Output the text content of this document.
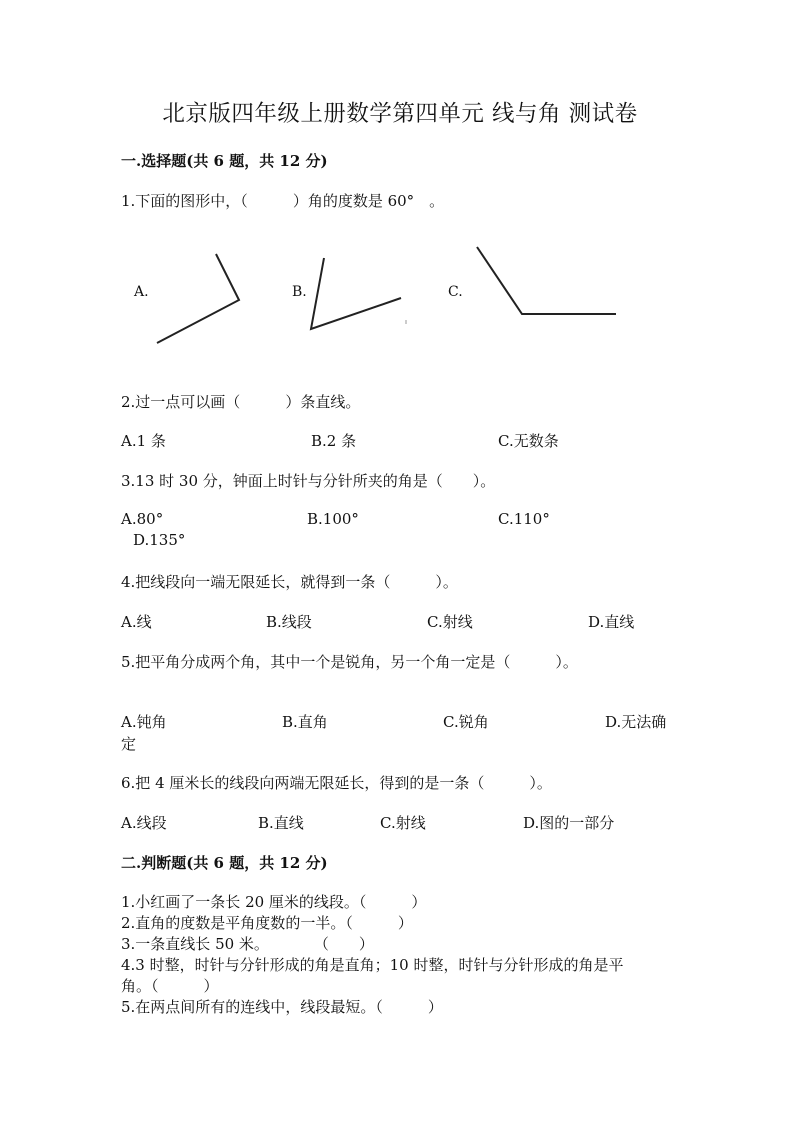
北京版四年级上册数学第四单元 线与角 测试卷
一.选择题(共 6 题，共 12 分)
1.下面的图形中，（　　　）角的度数是 60°　。
A.	B.	C.
2.过一点可以画（　　　）条直线。
A.1 条	B.2 条	C.无数条
3.13 时 30 分，钟面上时针与分针所夹的角是（　　）。
A.80°	B.100°	C.110°
D.135°
4.把线段向一端无限延长，就得到一条（　　　）。
A.线	B.线段	C.射线	D.直线
5.把平角分成两个角，其中一个是锐角，另一个角一定是（　　　）。
A.钝角	B.直角	C.锐角	D.无法确
定
6.把 4 厘米长的线段向两端无限延长，得到的是一条（　　　）。
A.线段	B.直线	C.射线	D.图的一部分
二.判断题(共 6 题，共 12 分)
1.小红画了一条长 20 厘米的线段。（　　　）
2.直角的度数是平角度数的一半。（　　　）
3.一条直线长 50 米。　　　　（　　）
4.3 时整，时针与分针形成的角是直角；10 时整，时针与分针形成的角是平
角。（　　　）
5.在两点间所有的连线中，线段最短。（　　　）
